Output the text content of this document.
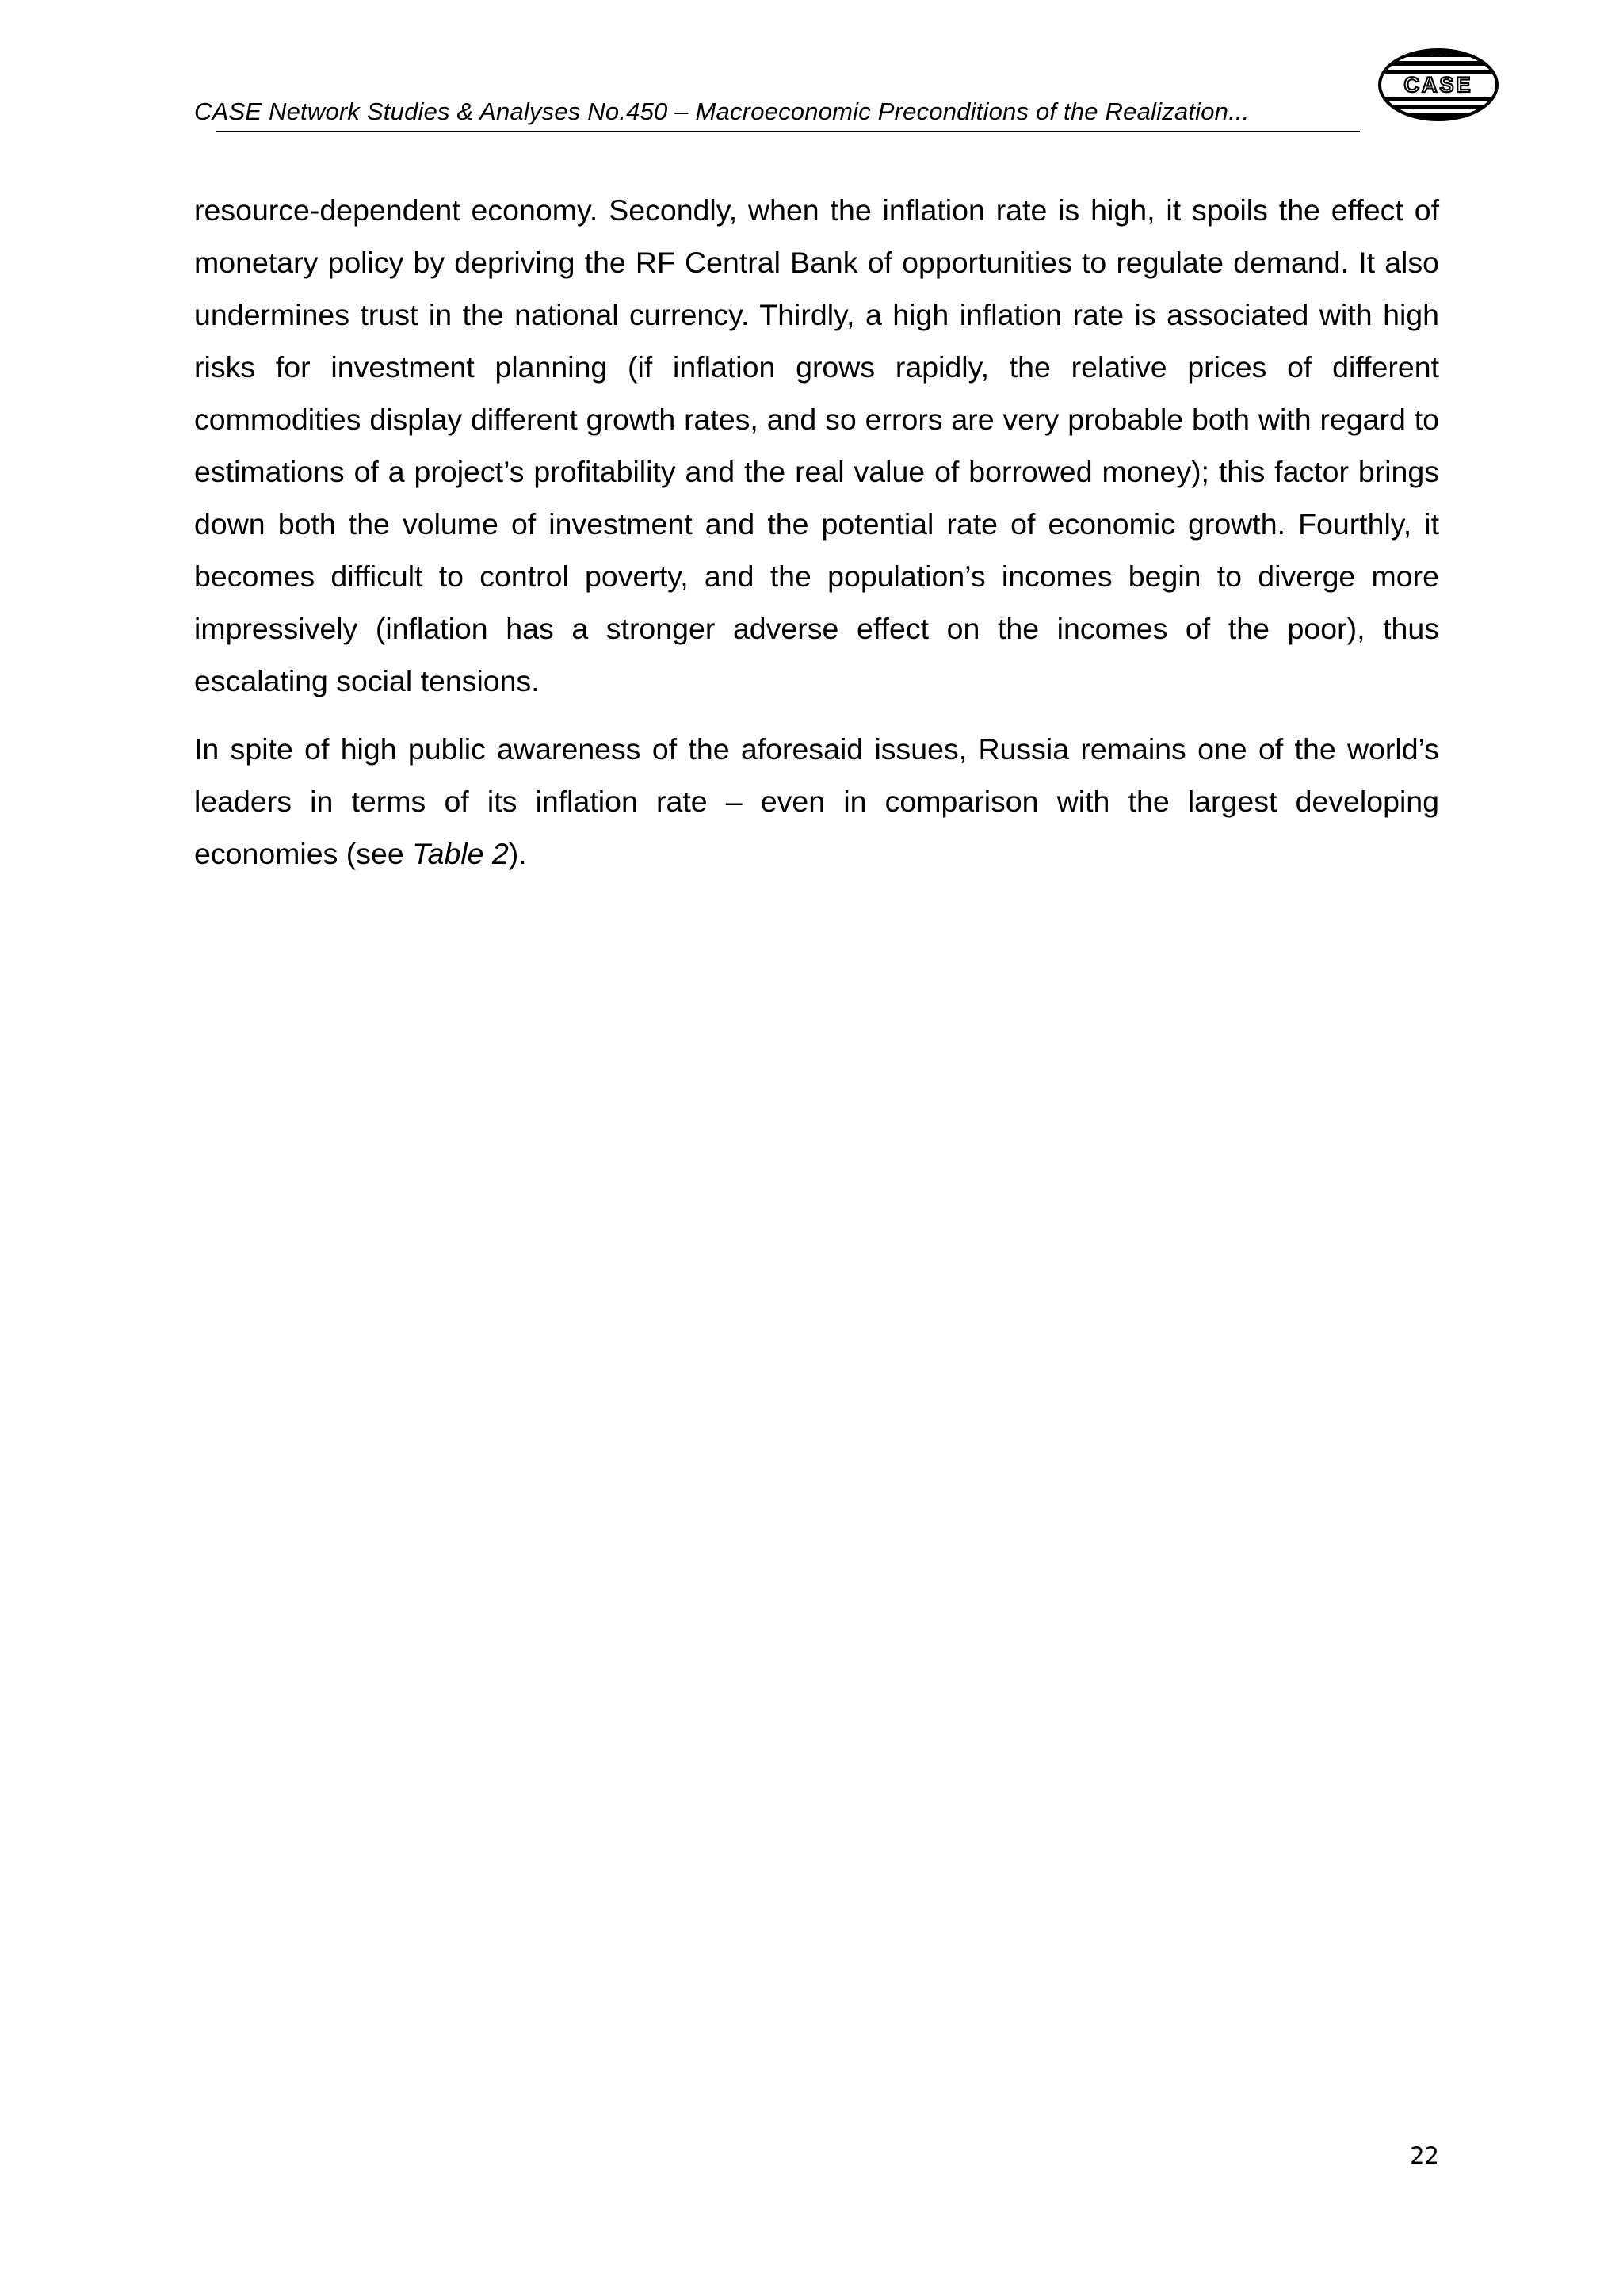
CASE Network Studies & Analyses No.450 – Macroeconomic Preconditions of the Realization...
CASE

resource-dependent economy. Secondly, when the inflation rate is high, it spoils the effect of monetary policy by depriving the RF Central Bank of opportunities to regulate demand. It also undermines trust in the national currency. Thirdly, a high inflation rate is associated with high risks for investment planning (if inflation grows rapidly, the relative prices of different commodities display different growth rates, and so errors are very probable both with regard to estimations of a project’s profitability and the real value of borrowed money); this factor brings down both the volume of investment and the potential rate of economic growth. Fourthly, it becomes difficult to control poverty, and the population’s incomes begin to diverge more impressively (inflation has a stronger adverse effect on the incomes of the poor), thus escalating social tensions.

In spite of high public awareness of the aforesaid issues, Russia remains one of the world’s leaders in terms of its inflation rate – even in comparison with the largest developing economies (see Table 2).

22
